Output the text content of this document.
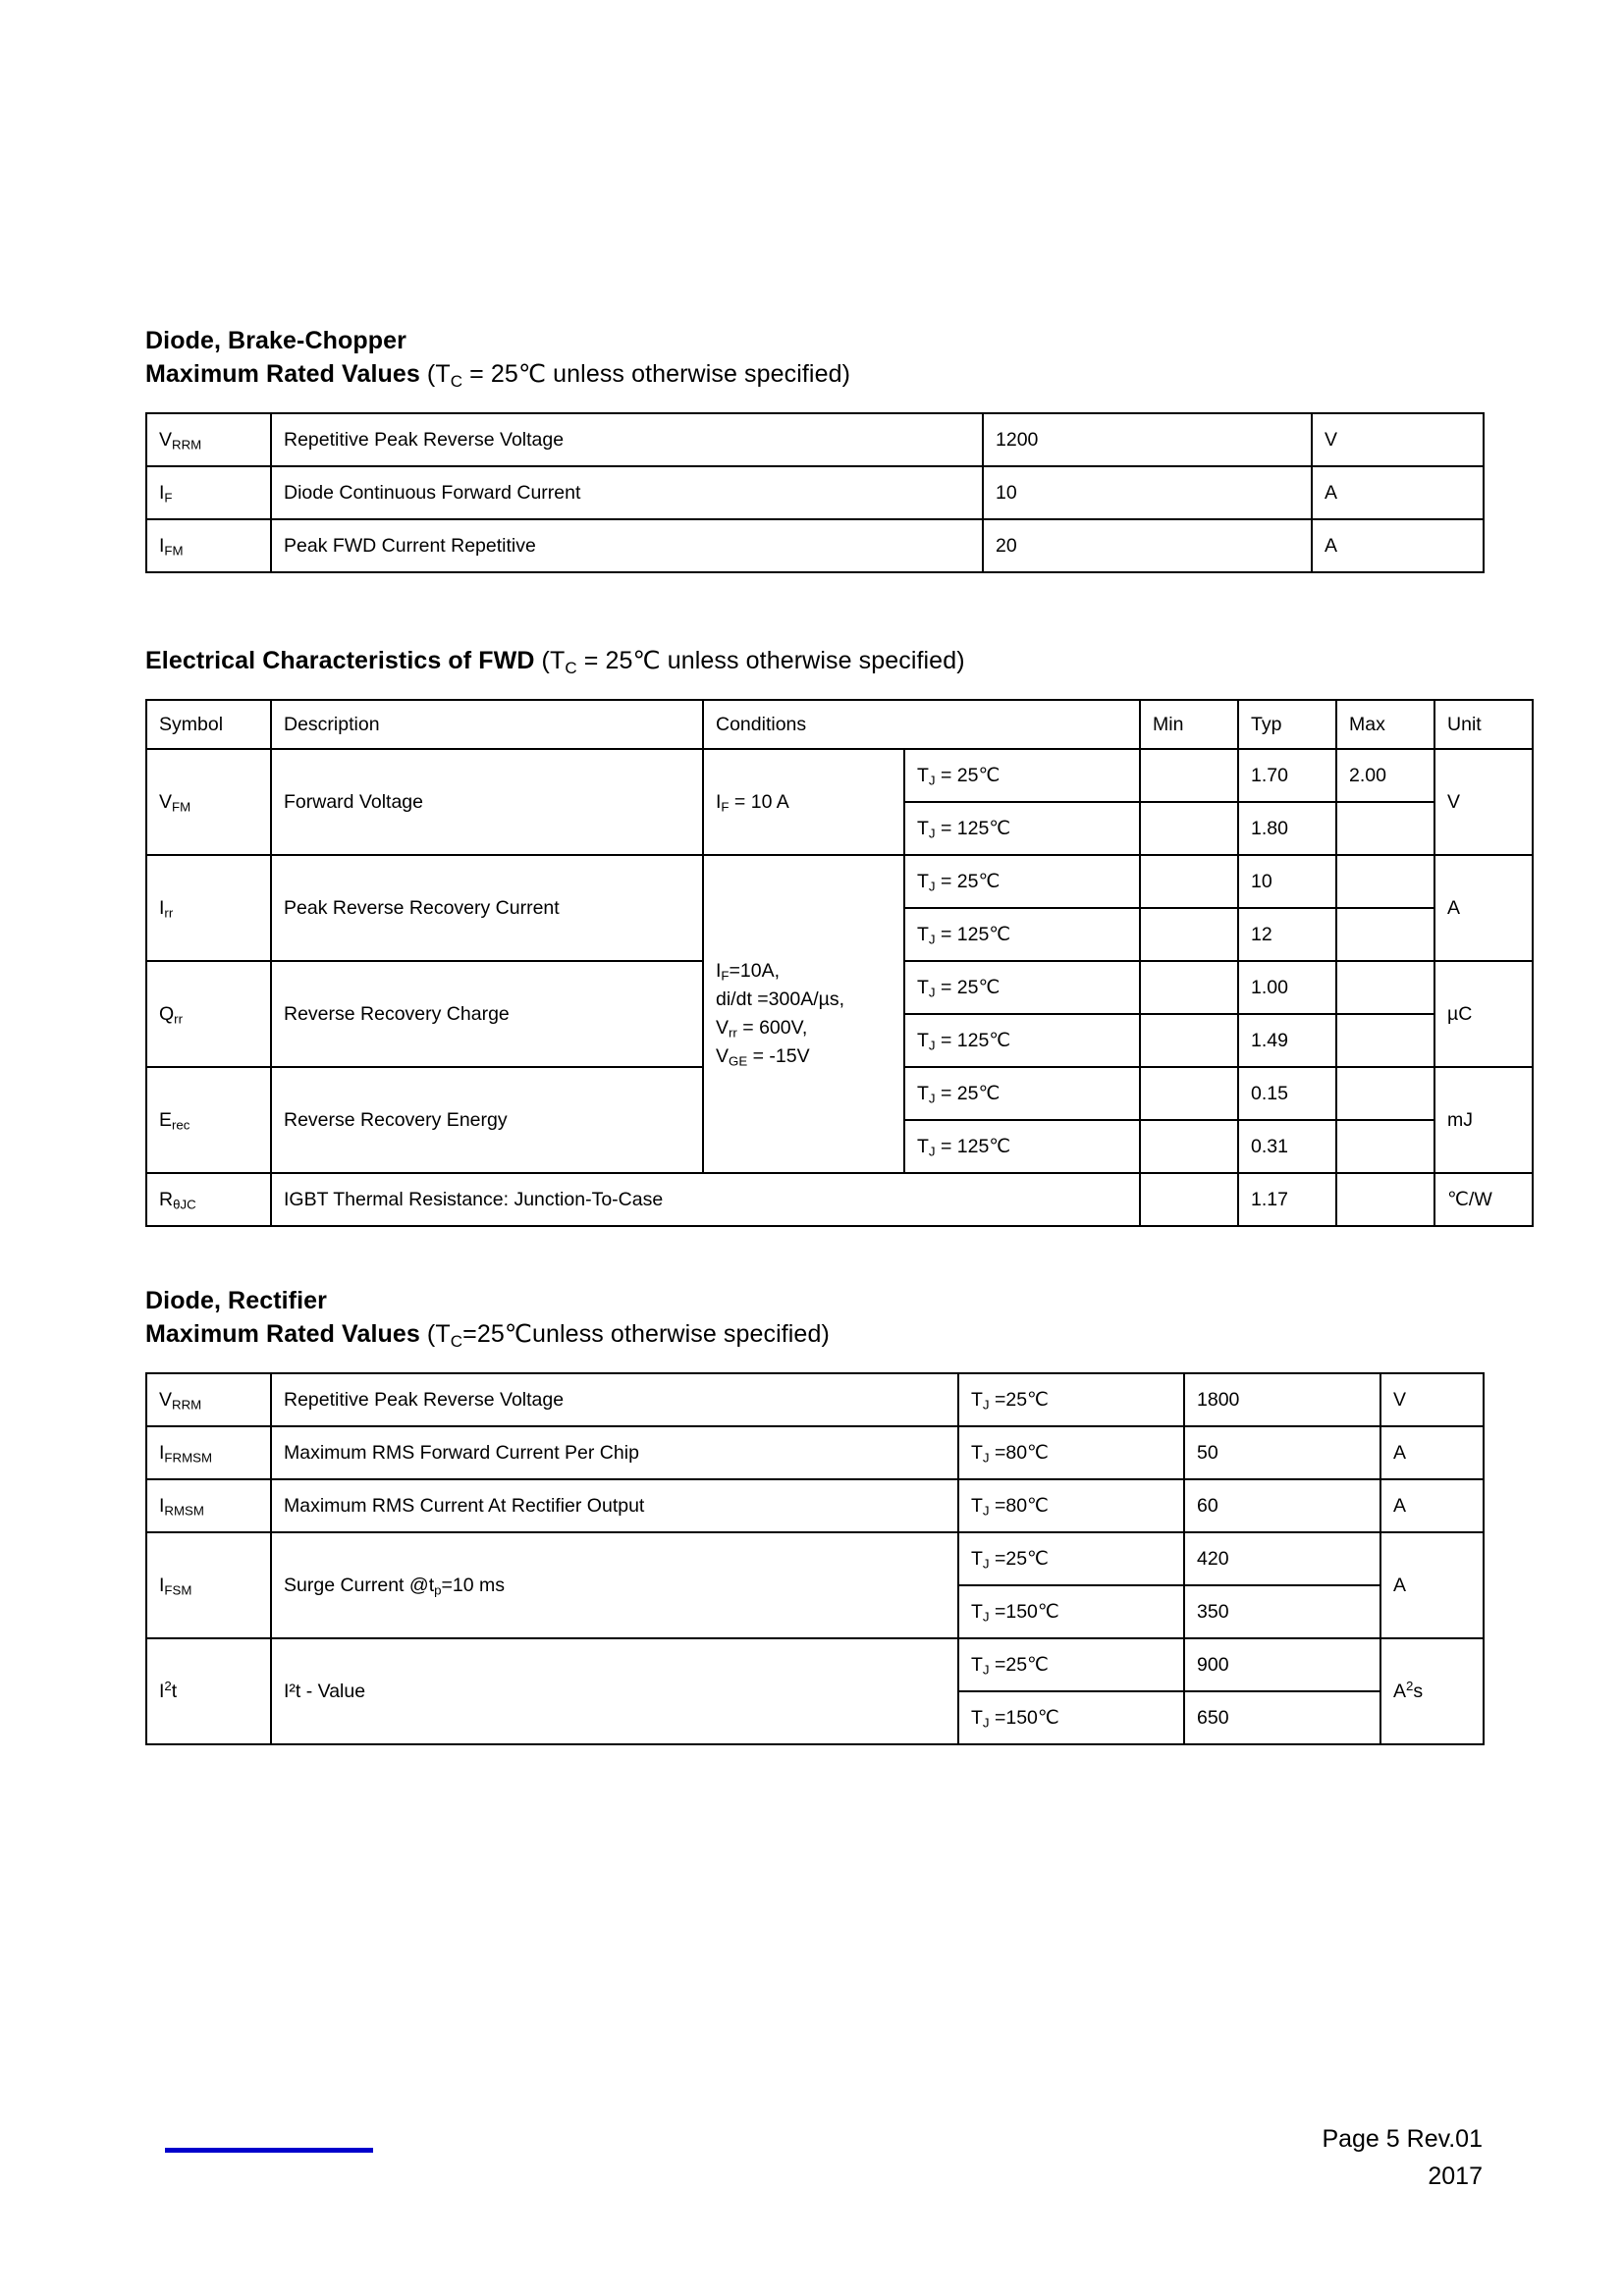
Diode, Brake-Chopper
Maximum Rated Values ($T_C$ = 25℃ unless otherwise specified)
$V_{RRM}$	Repetitive Peak Reverse Voltage	1200	V
$I_F$	Diode Continuous Forward Current	10	A
$I_{FM}$	Peak FWD Current Repetitive	20	A
Electrical Characteristics of FWD ($T_C$ = 25℃ unless otherwise specified)
Symbol	Description	Conditions		Min	Typ	Max	Unit
$V_{FM}$	Forward Voltage	$I_F = 10$ A	$T_J$ = 25℃		1.70	2.00	V
			$T_J$ = 125℃		1.80		
$I_{rr}$	Peak Reverse Recovery Current	$I_F=10A$,
di/dt =300A/µs,
$V_{rr} = 600V$,
$V_{GE} = -15V$	$T_J$ = 25℃		10		A
			$T_J$ = 125℃		12		
$Q_{rr}$	Reverse Recovery Charge		$T_J$ = 25℃		1.00		µC
			$T_J$ = 125℃		1.49		
$E_{rec}$	Reverse Recovery Energy		$T_J$ = 25℃		0.15		mJ
			$T_J$ = 125℃		0.31		
$R_{\theta JC}$	IGBT Thermal Resistance: Junction-To-Case				1.17		℃/W
Diode, Rectifier
Maximum Rated Values ($T_C=25℃unless$ otherwise specified)
$V_{RRM}$	Repetitive Peak Reverse Voltage	$T_J$ =25℃	1800	V
$I_{FRMSM}$	Maximum RMS Forward Current Per Chip	$T_J$ =80℃	50	A
$I_{RMSM}$	Maximum RMS Current At Rectifier Output	$T_J$ =80℃	60	A
$I_{FSM}$	Surge Current $@t_p=10$ ms	$T_J$ =25℃	420	A
		$T_J$ =150℃	350	
$I^2t$	I²t - Value	$T_J$ =25℃	900	$A^2s$
		$T_J$ =150℃	650	
Page 5 Rev.01
2017
